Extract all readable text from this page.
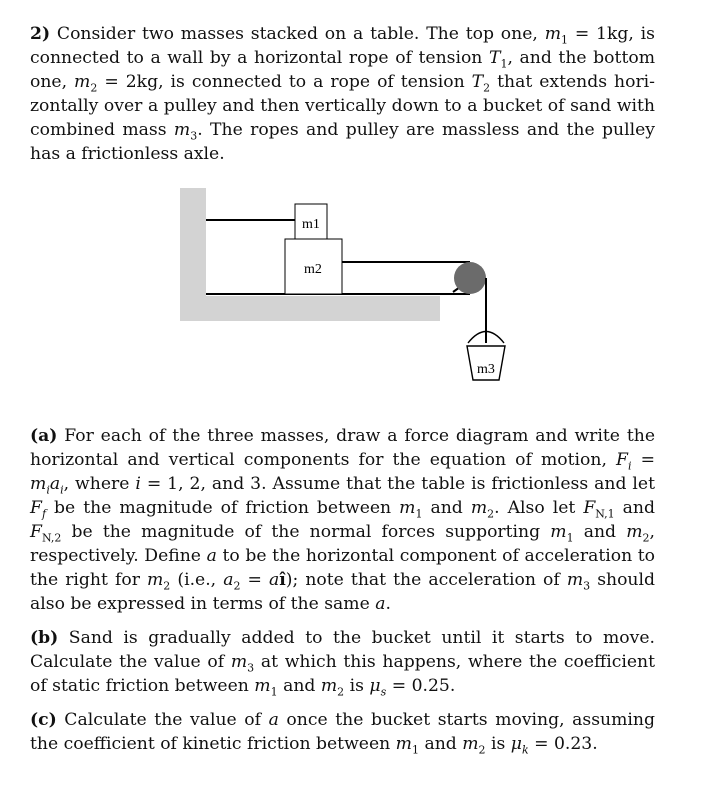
2) Consider two masses stacked on a table. The top one, $m_1 = 1kg$, is connected to a wall by a horizontal rope of tension $T_1$, and the bottom one, $m_2 = 2kg$, is connected to a rope of tension $T_2$ that extends hori-zontally over a pulley and then vertically down to a bucket of sand with combined mass $m_3$. The ropes and pulley are massless and the pulley has a frictionless axle.
m1
m2
m3
(a) For each of the three masses, draw a force diagram and write the horizontal and vertical components for the equation of motion, $F_i = m_ia_i$, where i = 1, 2, and 3. Assume that the table is frictionless and let $F_f$ be the magnitude of friction between $m_1$ and $m_2$. Also let $F_{N,1}$ and $F_{N,2}$ be the magnitude of the normal forces supporting $m_1$ and $m_2$, respectively. Define a to be the horizontal component of acceleration to the right for $m_2$ (i.e., $a_2$ = aî); note that the acceleration of $m_3$ should also be expressed in terms of the same a.
(b) Sand is gradually added to the bucket until it starts to move. Calculate the value of $m_3$ at which this happens, where the coefficient of static friction between $m_1$ and $m_2$ is $\mu_s = 0.25$.
(c) Calculate the value of a once the bucket starts moving, assuming the coefficient of kinetic friction between $m_1$ and $m_2$ is $\mu_k = 0.23$.
